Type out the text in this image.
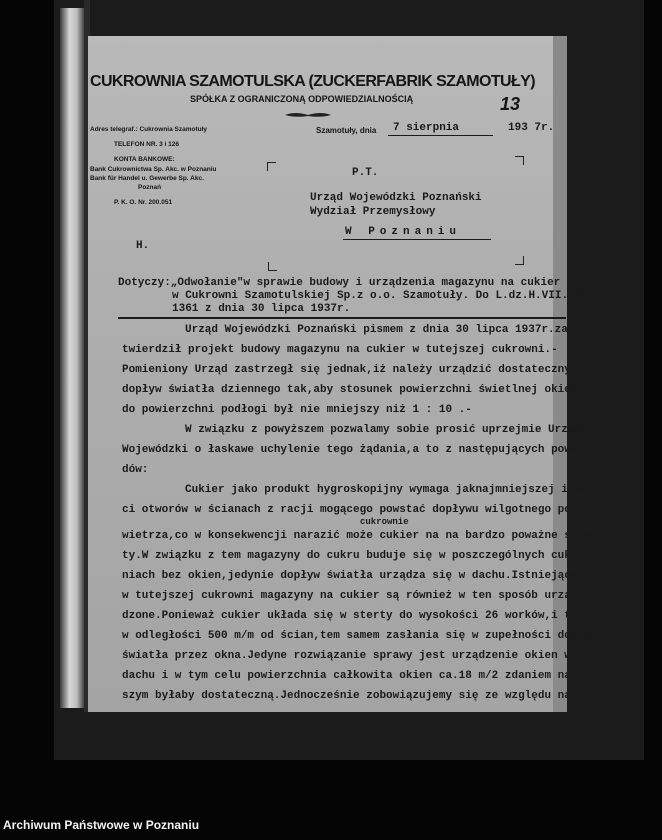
CUKROWNIA SZAMOTULSKA (ZUCKERFABRIK SZAMOTUŁY)
SPÓŁKA Z OGRANICZONĄ ODPOWIEDZIALNOŚCIĄ	13
Adres telegraf.: Cukrownia Szamotuły
TELEFON NR. 3 i 126
KONTA BANKOWE:
Bank Cukrownictwa Sp. Akc. w Poznaniu
Bank für Handel u. Gewerbe Sp. Akc.
Poznań
P. K. O. Nr. 200.051
Szamotuły, dnia 7 sierpnia	193 7r.
P.T.
Urząd Wojewódzki Poznański
Wydział Przemysłowy
W Poznaniu
H.
Dotyczy:„Odwołanie"w sprawie budowy i urządzenia magazynu na cukier
w Cukrowni Szamotulskiej Sp.z o.o. Szamotuły. Do L.dz.H.VII.-8
1361 z dnia 30 lipca 1937r.
Urząd Wojewódzki Poznański pismem z dnia 30 lipca 1937r.za-
twierdził projekt budowy magazynu na cukier w tutejszej cukrowni.-
Pomieniony Urząd zastrzegł się jednak,iż należy urządzić dostateczny
dopływ światła dziennego tak,aby stosunek powierzchni świetlnej okien
do powierzchni podłogi był nie mniejszy niż 1 : 10 .-
W związku z powyższem pozwalamy sobie prosić uprzejmie Urząd
Wojewódzki o łaskawe uchylenie tego żądania,a to z następujących powo-
dów:
Cukier jako produkt hygroskopijny wymaga jaknajmniejszej iloś-
ci otworów w ścianach z racji mogącego powstać dopływu wilgotnego po-
wietrza,co w konsekwencji narazić może cukier na na bardzo poważne stra-
ty.W związku z tem magazyny do cukru buduje się w poszczególnych cukrow-
niach bez okien,jedynie dopływ światła urządza się w dachu.Istniejące
w tutejszej cukrowni magazyny na cukier są również w ten sposób urzą-
dzone.Ponieważ cukier układa się w sterty do wysokości 26 worków,i to
w odległości 500 m/m od ścian,tem samem zasłania się w zupełności dopływ
światła przez okna.Jedyne rozwiązanie sprawy jest urządzenie okien w
dachu i w tym celu powierzchnia całkowita okien ca.18 m/2 zdaniem na-
szym byłaby dostateczną.Jednocześnie zobowiązujemy się ze względu na
cukrownie
Archiwum Państwowe w Poznaniu
